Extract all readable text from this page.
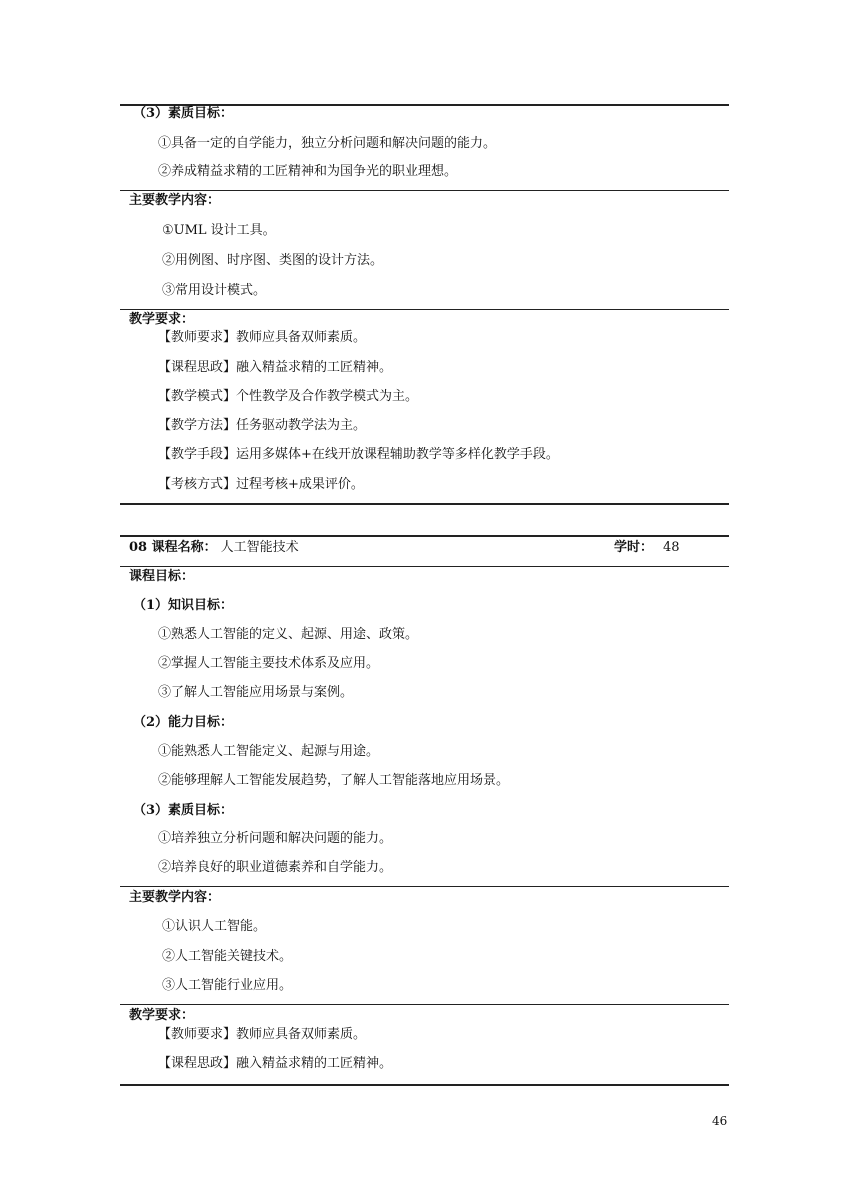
（3）素质目标：
①具备一定的自学能力，独立分析问题和解决问题的能力。
②养成精益求精的工匠精神和为国争光的职业理想。
主要教学内容：
①UML 设计工具。
②用例图、时序图、类图的设计方法。
③常用设计模式。
教学要求：
【教师要求】教师应具备双师素质。
【课程思政】融入精益求精的工匠精神。
【教学模式】个性教学及合作教学模式为主。
【教学方法】任务驱动教学法为主。
【教学手段】运用多媒体+在线开放课程辅助教学等多样化教学手段。
【考核方式】过程考核+成果评价。
08 课程名称： 人工智能技术	学时： 48
课程目标：
（1）知识目标：
①熟悉人工智能的定义、起源、用途、政策。
②掌握人工智能主要技术体系及应用。
③了解人工智能应用场景与案例。
（2）能力目标：
①能熟悉人工智能定义、起源与用途。
②能够理解人工智能发展趋势，了解人工智能落地应用场景。
（3）素质目标：
①培养独立分析问题和解决问题的能力。
②培养良好的职业道德素养和自学能力。
主要教学内容：
①认识人工智能。
②人工智能关键技术。
③人工智能行业应用。
教学要求：
【教师要求】教师应具备双师素质。
【课程思政】融入精益求精的工匠精神。
46
